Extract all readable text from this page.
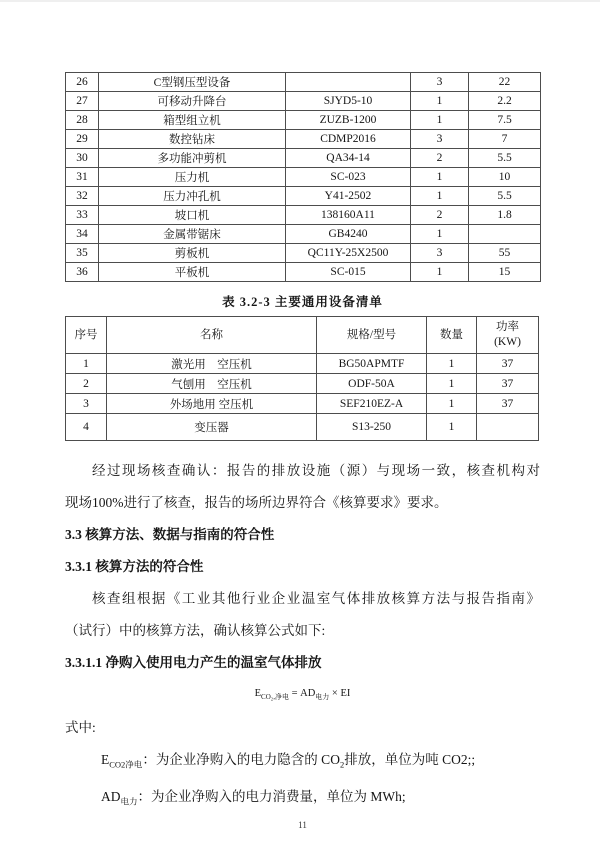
26	C型钢压型设备		3	22
27	可移动升降台	SJYD5-10	1	2.2
28	箱型组立机	ZUZB-1200	1	7.5
29	数控钻床	CDMP2016	3	7
30	多功能冲剪机	QA34-14	2	5.5
31	压力机	SC-023	1	10
32	压力冲孔机	Y41-2502	1	5.5
33	坡口机	138160A11	2	1.8
34	金属带锯床	GB4240	1	
35	剪板机	QC11Y-25X2500	3	55
36	平板机	SC-015	1	15

表 3.2-3 主要通用设备清单

序号	名称	规格/型号	数量	功率
(KW)

1	激光用　空压机	BG50APMTF	1	37
2	气刨用　空压机	ODF-50A	1	37
3	外场地用 空压机	SEF210EZ-A	1	37
4	变压器	S13-250	1	

经过现场核查确认：报告的排放设施（源）与现场一致，核查机构对
现场100%进行了核查，报告的场所边界符合《核算要求》要求。

3.3 核算方法、数据与指南的符合性
3.3.1 核算方法的符合性

核查组根据《工业其他行业企业温室气体排放核算方法与报告指南》
（试行）中的核算方法，确认核算公式如下:

3.3.1.1 净购入使用电力产生的温室气体排放

$E_{CO_2,净电} = AD_{电力}$ × EI

式中:
$E_{CO2净电}$：为企业净购入的电力隐含的 $CO_2$排放，单位为吨 CO2;;
$AD_{电力}$：为企业净购入的电力消费量，单位为 MWh;
11
